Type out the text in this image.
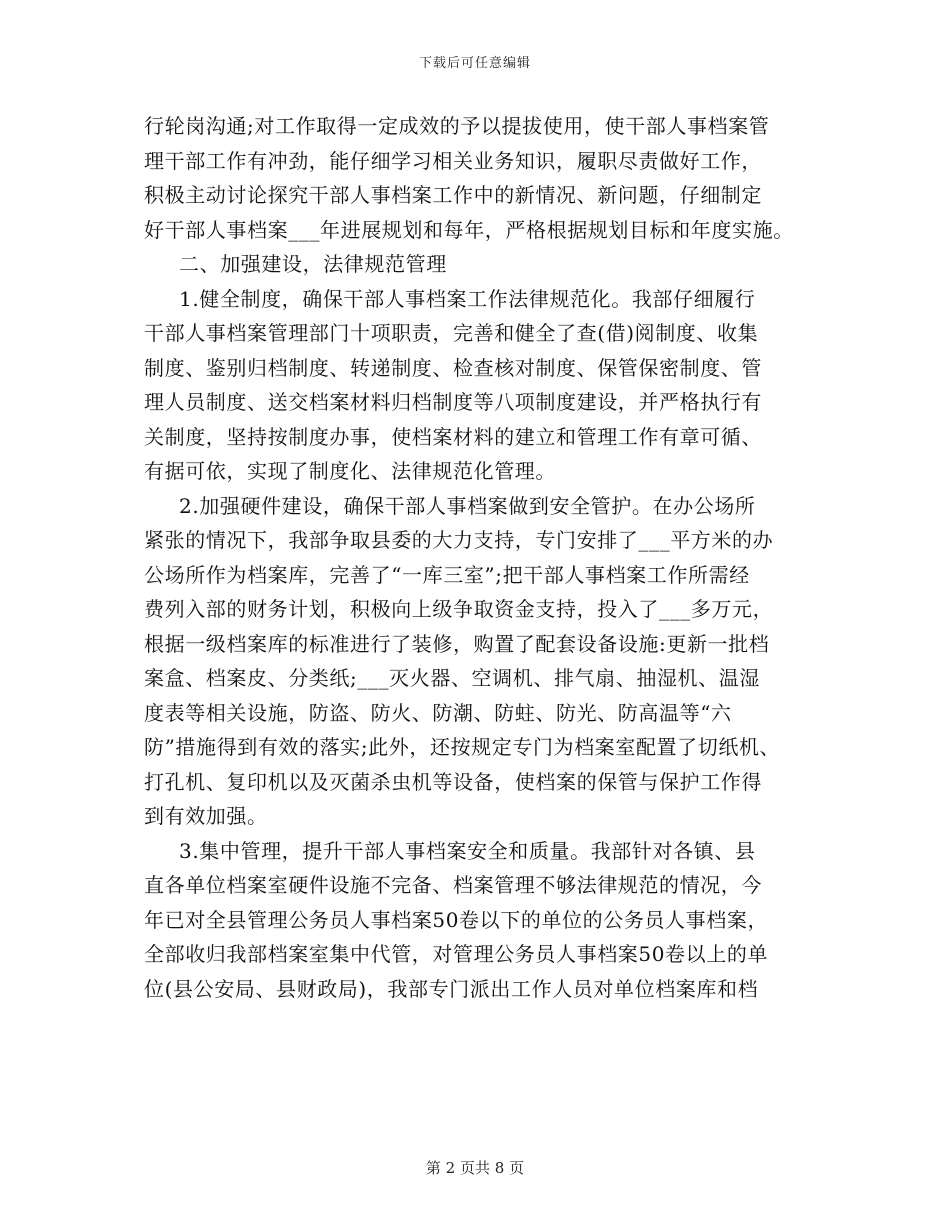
下载后可任意编辑
行轮岗沟通;对工作取得一定成效的予以提拔使用，使干部人事档案管
理干部工作有冲劲，能仔细学习相关业务知识，履职尽责做好工作，
积极主动讨论探究干部人事档案工作中的新情况、新问题，仔细制定
好干部人事档案___年进展规划和每年，严格根据规划目标和年度实施。
二、加强建设，法律规范管理
1.健全制度，确保干部人事档案工作法律规范化。我部仔细履行
干部人事档案管理部门十项职责，完善和健全了查(借)阅制度、收集
制度、鉴别归档制度、转递制度、检查核对制度、保管保密制度、管
理人员制度、送交档案材料归档制度等八项制度建设，并严格执行有
关制度，坚持按制度办事，使档案材料的建立和管理工作有章可循、
有据可依，实现了制度化、法律规范化管理。
2.加强硬件建设，确保干部人事档案做到安全管护。在办公场所
紧张的情况下，我部争取县委的大力支持，专门安排了___平方米的办
公场所作为档案库，完善了“一库三室”;把干部人事档案工作所需经
费列入部的财务计划，积极向上级争取资金支持，投入了___多万元，
根据一级档案库的标准进行了装修，购置了配套设备设施:更新一批档
案盒、档案皮、分类纸;___灭火器、空调机、排气扇、抽湿机、温湿
度表等相关设施，防盗、防火、防潮、防蛀、防光、防高温等“六
防”措施得到有效的落实;此外，还按规定专门为档案室配置了切纸机、
打孔机、复印机以及灭菌杀虫机等设备，使档案的保管与保护工作得
到有效加强。
3.集中管理，提升干部人事档案安全和质量。我部针对各镇、县
直各单位档案室硬件设施不完备、档案管理不够法律规范的情况，今
年已对全县管理公务员人事档案50卷以下的单位的公务员人事档案，
全部收归我部档案室集中代管，对管理公务员人事档案50卷以上的单
位(县公安局、县财政局)，我部专门派出工作人员对单位档案库和档
第 2 页共 8 页
